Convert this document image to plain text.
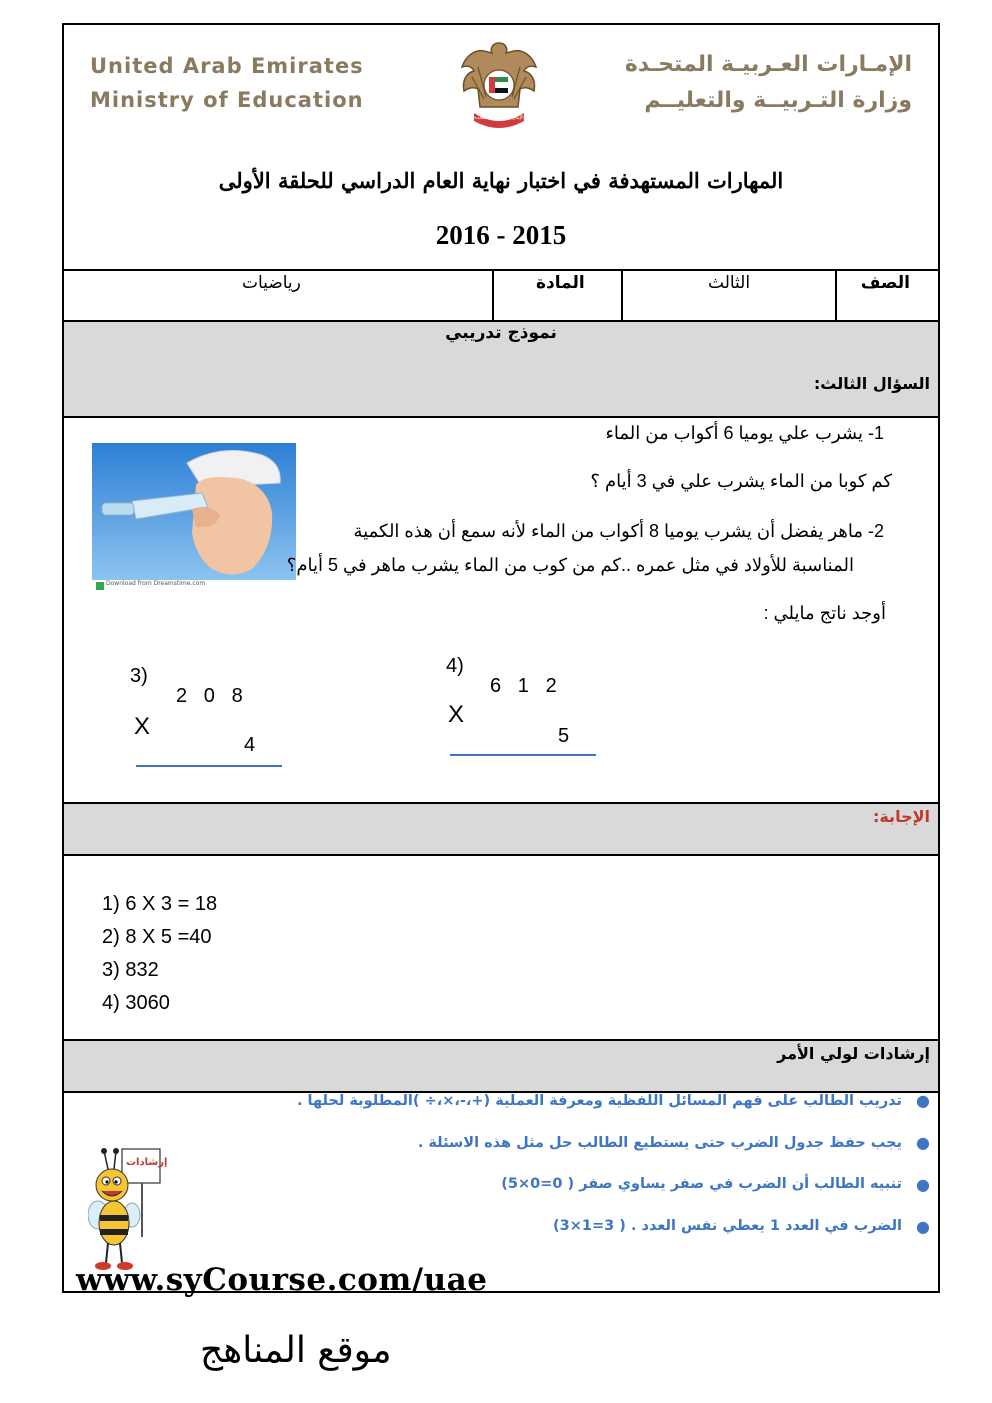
United Arab Emirates
Ministry of Education
الإمارات العربية المتحدة
الإمـارات العـربيـة المتحـدة
وزارة التـربيــة والتعليــم
المهارات المستهدفة في اختبار نهاية العام الدراسي للحلقة الأولى
2016 - 2015
الصف
الثالث
المادة
رياضيات
نموذج تدريبي
السؤال الثالث:
Download from Dreamstime.com
1- يشرب علي يوميا 6 أكواب من الماء
كم كوبا من الماء يشرب علي في 3 أيام ؟
2- ماهر يفضل أن يشرب يوميا 8 أكواب من الماء لأنه سمع أن هذه الكمية
المناسبة للأولاد في مثل عمره ..كم من كوب من الماء يشرب ماهر في 5 أيام؟
أوجد ناتج مايلي :
3)
2   0   8
X
4
4)
6   1   2
X
5
الإجابة:
1) 6 X 3 = 18
2) 8 X 5 =40
3) 832
4) 3060
إرشادات لولي الأمر
●
تدريب الطالب على فهم المسائل اللفظية ومعرفة العملية (+،-،×،÷ )المطلوبة لحلها .
●
يجب حفظ جدول الضرب حتى يستطيع الطالب حل مثل هذه الاسئلة .
●
تنبيه الطالب أن الضرب في صفر يساوي صفر ( 0=0×5)
●
الضرب في العدد 1 يعطي نفس العدد . ( 3=1×3)
إرشادات
www.syCourse.com/uae
موقع المناهج
